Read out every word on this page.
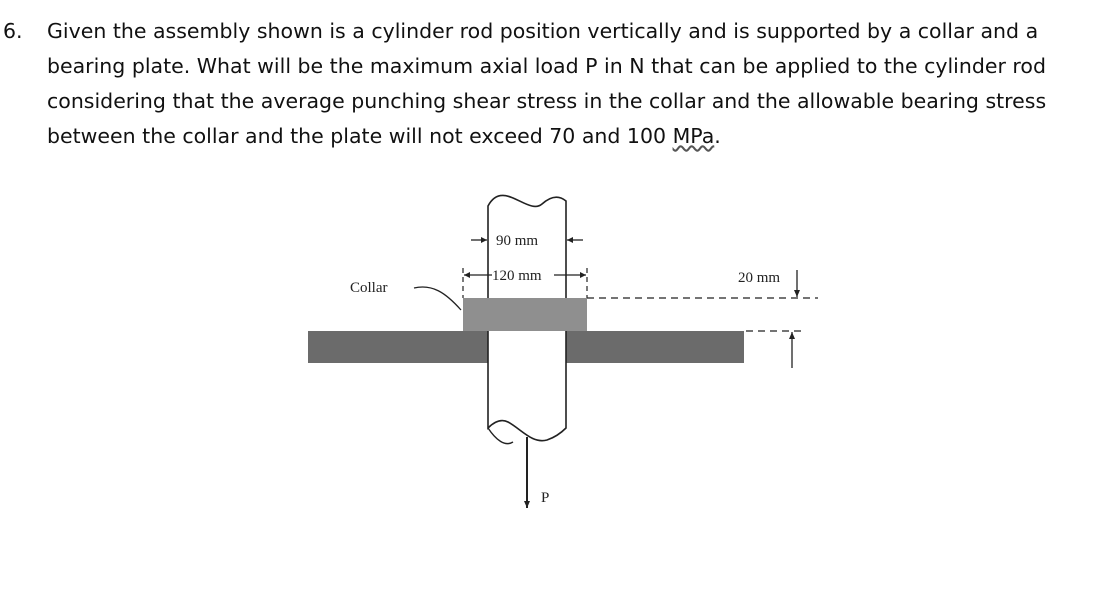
6. Given the assembly shown is a cylinder rod position vertically and is supported by a collar and a
bearing plate. What will be the maximum axial load P in N that can be applied to the cylinder rod
considering that the average punching shear stress in the collar and the allowable bearing stress
between the collar and the plate will not exceed 70 and 100 MPa.
90 mm
120 mm	20 mm
Collar
P
